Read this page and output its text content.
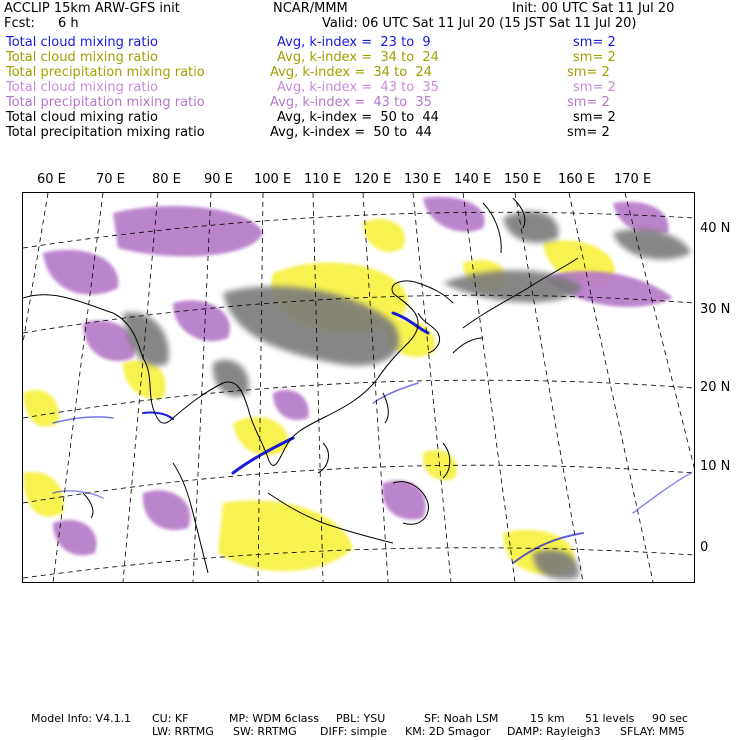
ACCLIP 15km ARW-GFS init	NCAR/MMM	Init: 00 UTC Sat 11 Jul 20
Fcst: 6 h	Valid: 06 UTC Sat 11 Jul 20 (15 JST Sat 11 Jul 20)
Total cloud mixing ratio	Avg, k-index =  23 to  9	sm= 2
Total cloud mixing ratio	Avg, k-index =  34 to  24	sm= 2
Total precipitation mixing ratio	Avg, k-index =  34 to  24	sm= 2
Total cloud mixing ratio	Avg, k-index =  43 to  35	sm= 2
Total precipitation mixing ratio	Avg, k-index =  43 to  35	sm= 2
Total cloud mixing ratio	Avg, k-index =  50 to  44	sm= 2
Total precipitation mixing ratio	Avg, k-index =  50 to  44	sm= 2
60 E 70 E 80 E 90 E 100 E 110 E 120 E 130 E 140 E 150 E 160 E 170 E
40 N
30 N
20 N
10 N
0
Model Info: V4.1.1 CU: KF	MP: WDM 6class PBL: YSU	SF: Noah LSM	15 km 51 levels 90 sec
LW: RRTMG SW: RRTMG DIFF: simple KM: 2D Smagor DAMP: Rayleigh3 SFLAY: MM5
